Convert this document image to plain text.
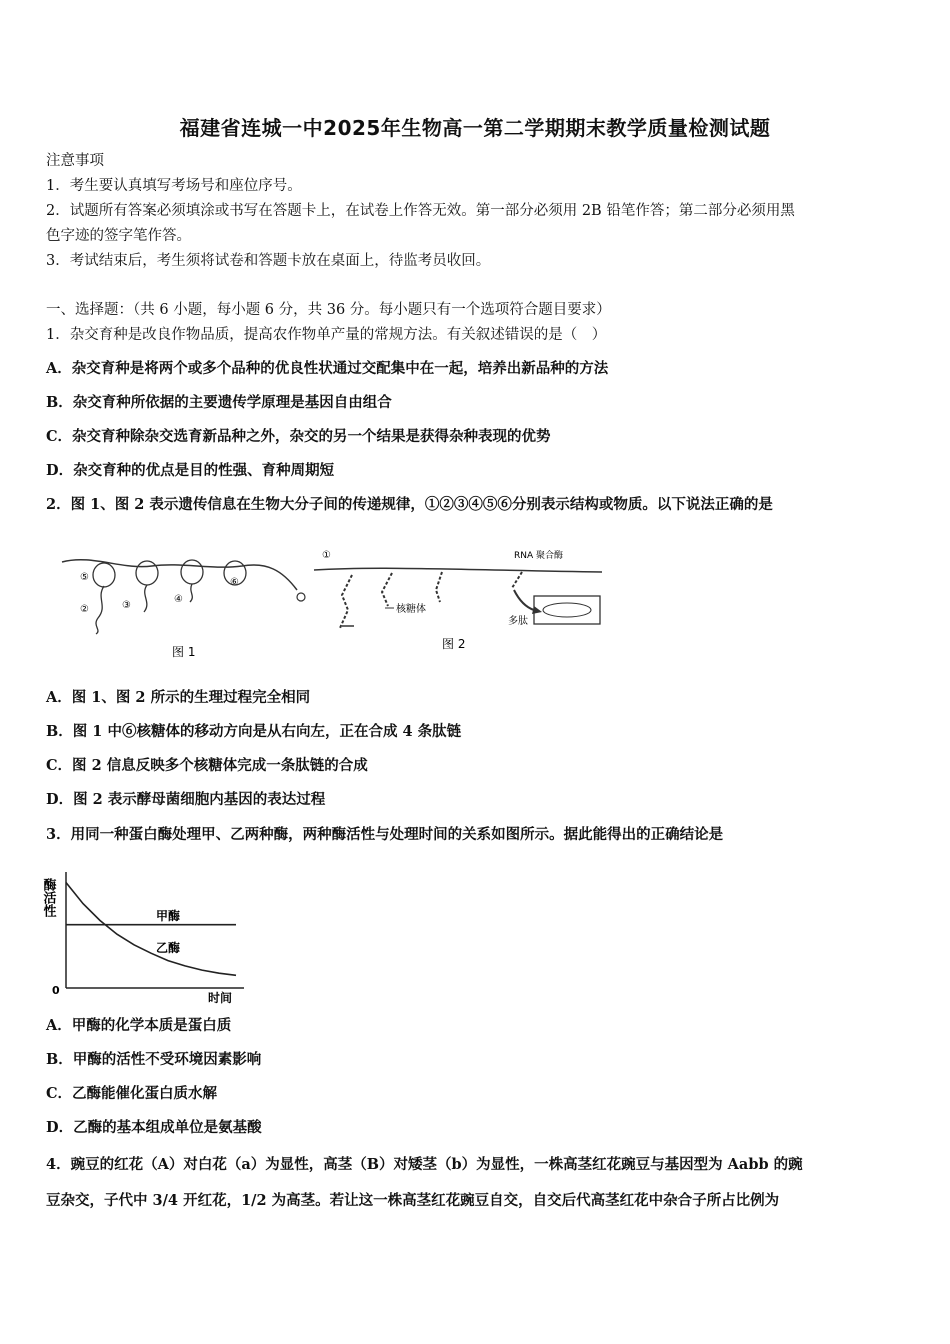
福建省连城一中2025年生物高一第二学期期末教学质量检测试题
注意事项
1．考生要认真填写考场号和座位序号。
2．试题所有答案必须填涂或书写在答题卡上，在试卷上作答无效。第一部分必须用 2B 铅笔作答；第二部分必须用黑
色字迹的签字笔作答。
3．考试结束后，考生须将试卷和答题卡放在桌面上，待监考员收回。
一、选择题：（共 6 小题，每小题 6 分，共 36 分。每小题只有一个选项符合题目要求）
1．杂交育种是改良作物品质，提高农作物单产量的常规方法。有关叙述错误的是（　）
A．杂交育种是将两个或多个品种的优良性状通过交配集中在一起，培养出新品种的方法
B．杂交育种所依据的主要遗传学原理是基因自由组合
C．杂交育种除杂交选育新品种之外，杂交的另一个结果是获得杂种表现的优势
D．杂交育种的优点是目的性强、育种周期短
2．图 1、图 2 表示遗传信息在生物大分子间的传递规律，①②③④⑤⑥分别表示结构或物质。以下说法正确的是
⑤
②	③
④
⑥
图 1
①	RNA 聚合酶
核糖体
多肽
图 2
A．图 1、图 2 所示的生理过程完全相同
B．图 1 中⑥核糖体的移动方向是从右向左，正在合成 4 条肽链
C．图 2 信息反映多个核糖体完成一条肽链的合成
D．图 2 表示酵母菌细胞内基因的表达过程
3．用同一种蛋白酶处理甲、乙两种酶，两种酶活性与处理时间的关系如图所示。据此能得出的正确结论是
酶活性
0
时间
甲酶
乙酶
A．甲酶的化学本质是蛋白质
B．甲酶的活性不受环境因素影响
C．乙酶能催化蛋白质水解
D．乙酶的基本组成单位是氨基酸
4．豌豆的红花（A）对白花（a）为显性，高茎（B）对矮茎（b）为显性，一株高茎红花豌豆与基因型为 Aabb 的豌
豆杂交，子代中 3/4 开红花，1/2 为高茎。若让这一株高茎红花豌豆自交，自交后代高茎红花中杂合子所占比例为
